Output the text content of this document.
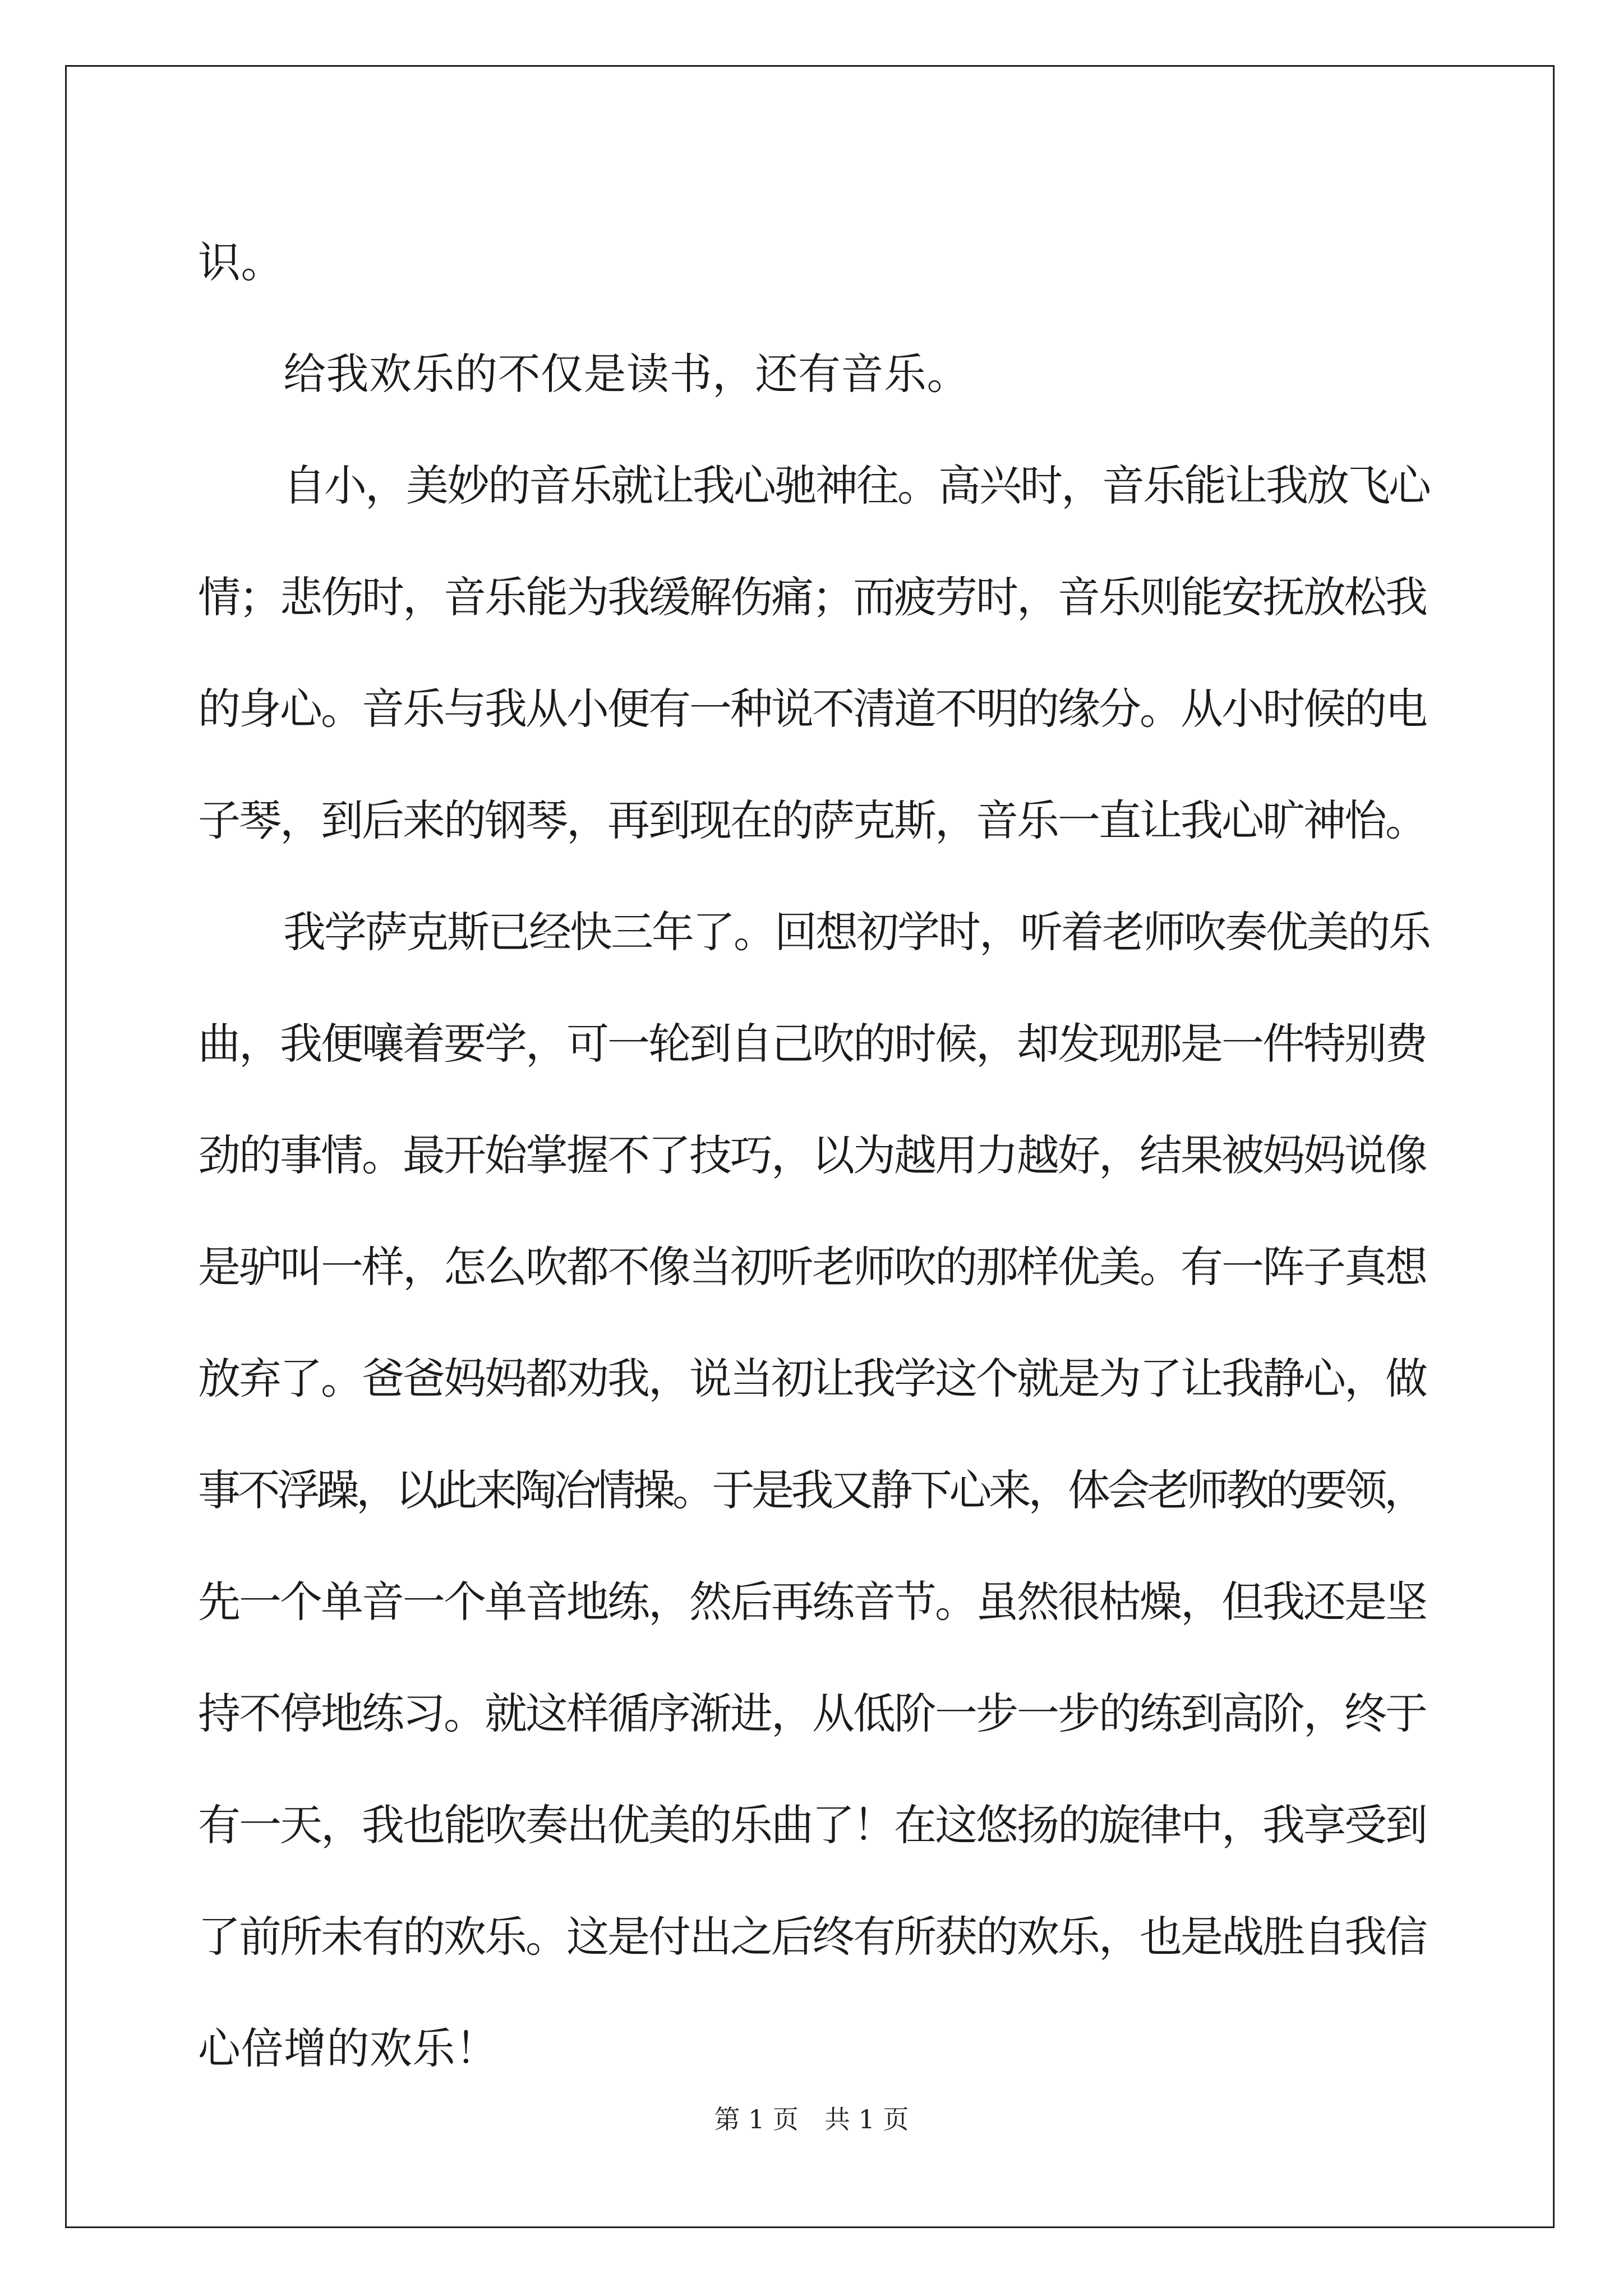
识。
给我欢乐的不仅是读书，还有音乐。
自小，美妙的音乐就让我心驰神往。高兴时，音乐能让我放飞心
情；悲伤时，音乐能为我缓解伤痛；而疲劳时，音乐则能安抚放松我
的身心。音乐与我从小便有一种说不清道不明的缘分。从小时候的电
子琴，到后来的钢琴，再到现在的萨克斯，音乐一直让我心旷神怡。
我学萨克斯已经快三年了。回想初学时，听着老师吹奏优美的乐
曲，我便嚷着要学，可一轮到自己吹的时候，却发现那是一件特别费
劲的事情。最开始掌握不了技巧，以为越用力越好，结果被妈妈说像
是驴叫一样，怎么吹都不像当初听老师吹的那样优美。有一阵子真想
放弃了。爸爸妈妈都劝我，说当初让我学这个就是为了让我静心，做
事不浮躁，以此来陶冶情操。于是我又静下心来，体会老师教的要领，
先一个单音一个单音地练，然后再练音节。虽然很枯燥，但我还是坚
持不停地练习。就这样循序渐进，从低阶一步一步的练到高阶，终于
有一天，我也能吹奏出优美的乐曲了！在这悠扬的旋律中，我享受到
了前所未有的欢乐。这是付出之后终有所获的欢乐，也是战胜自我信
心倍增的欢乐！
第 1 页　共 1 页
